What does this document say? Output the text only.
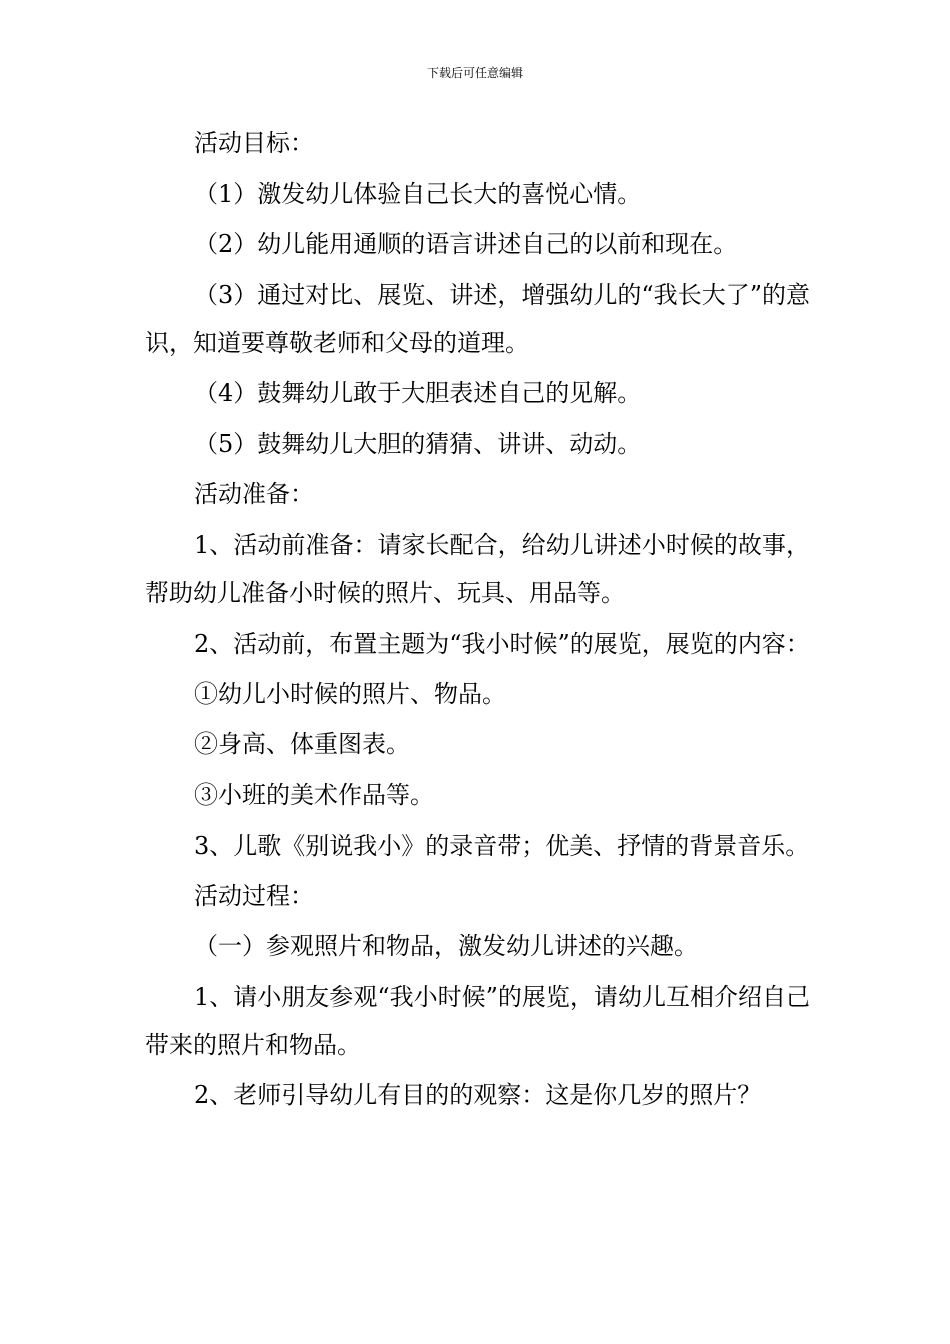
下载后可任意编辑

活动目标：

（1）激发幼儿体验自己长大的喜悦心情。

（2）幼儿能用通顺的语言讲述自己的以前和现在。

（3）通过对比、展览、讲述，增强幼儿的“我长大了”的意识，知道要尊敬老师和父母的道理。

（4）鼓舞幼儿敢于大胆表述自己的见解。

（5）鼓舞幼儿大胆的猜猜、讲讲、动动。

活动准备：

1、活动前准备：请家长配合，给幼儿讲述小时候的故事，帮助幼儿准备小时候的照片、玩具、用品等。

2、活动前，布置主题为“我小时候”的展览，展览的内容：

①幼儿小时候的照片、物品。

②身高、体重图表。

③小班的美术作品等。

3、儿歌《别说我小》的录音带；优美、抒情的背景音乐。

活动过程：

（一）参观照片和物品，激发幼儿讲述的兴趣。

1、请小朋友参观“我小时候”的展览，请幼儿互相介绍自己带来的照片和物品。

2、老师引导幼儿有目的的观察：这是你几岁的照片？
